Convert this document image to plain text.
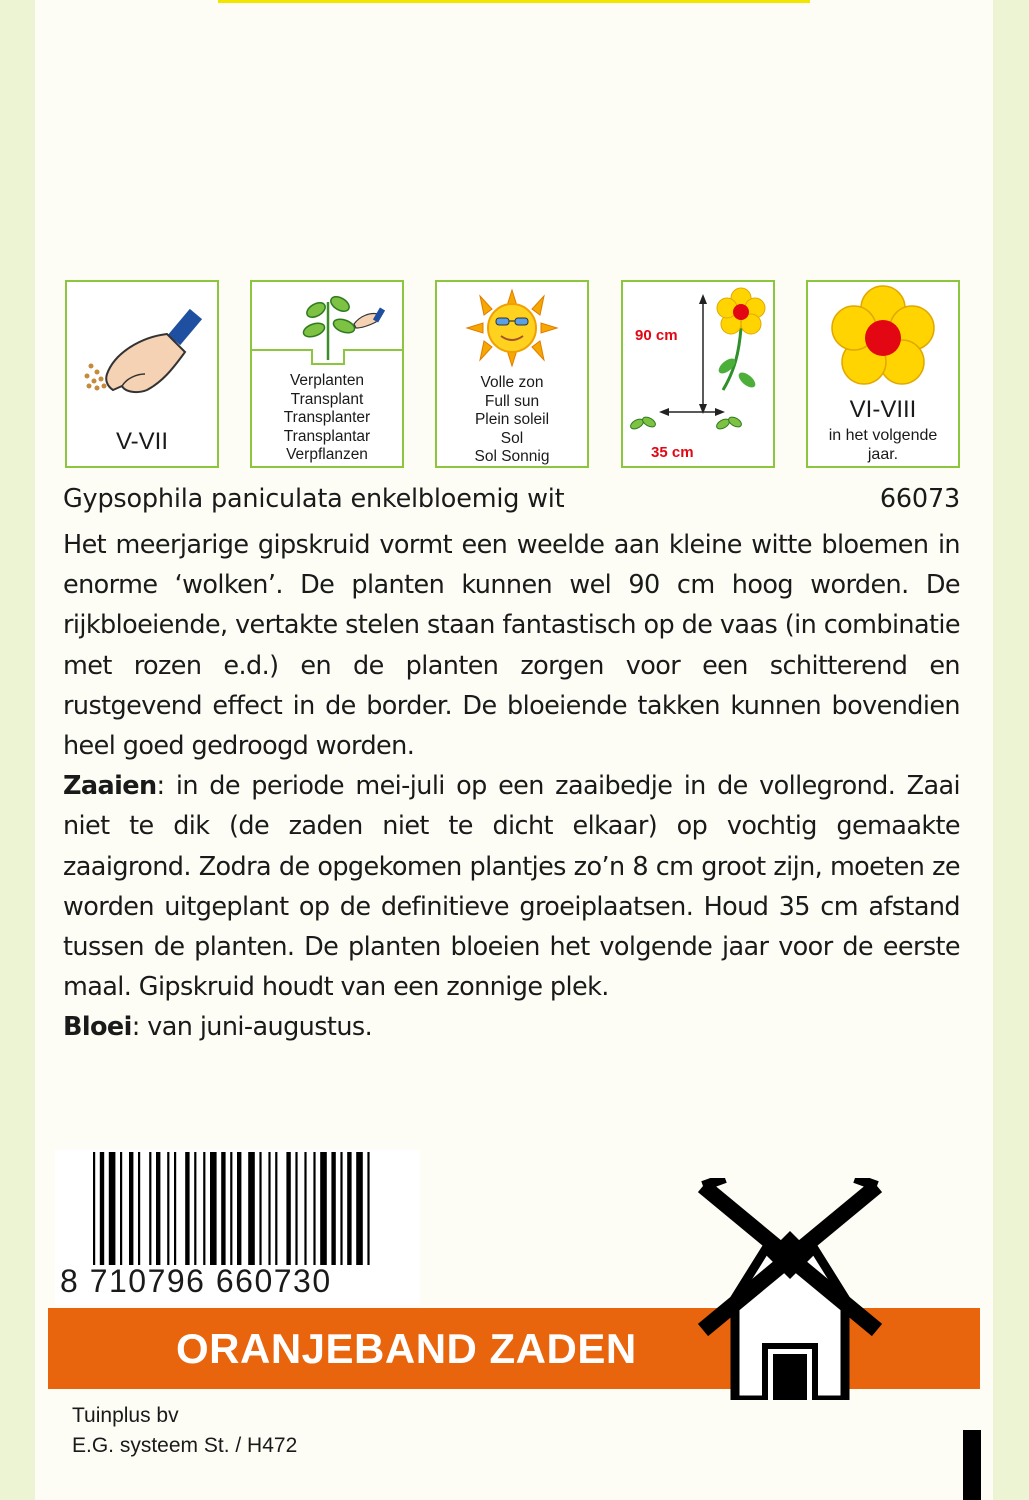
V-VII
Verplanten
Transplant
Transplanter
Transplantar
Verpflanzen
Volle zon
Full sun
Plein soleil
Sol
Sol Sonnig
90 cm
35 cm
VI-VIII
in het volgende
jaar.
Gypsophila paniculata enkelbloemig wit	66073

Het meerjarige gipskruid vormt een weelde aan kleine witte bloemen in enorme ‘wolken’. De planten kunnen wel 90 cm hoog worden. De rijkbloeiende, vertakte stelen staan fantastisch op de vaas (in combinatie met rozen e.d.) en de planten zorgen voor een schitterend en rustgevend effect in de border. De bloeiende takken kunnen bovendien heel goed gedroogd worden.

Zaaien: in de periode mei-juli op een zaaibedje in de vollegrond. Zaai niet te dik (de zaden niet te dicht elkaar) op vochtig gemaakte zaaigrond. Zodra de opgekomen plantjes zo’n 8 cm groot zijn, moeten ze worden uitgeplant op de definitieve groeiplaatsen. Houd 35 cm afstand tussen de planten. De planten bloeien het volgende jaar voor de eerste maal. Gipskruid houdt van een zonnige plek.

Bloei: van juni-augustus.

8 710796 660730
ORANJEBAND ZADEN
Tuinplus bv
E.G. systeem St. / H472
